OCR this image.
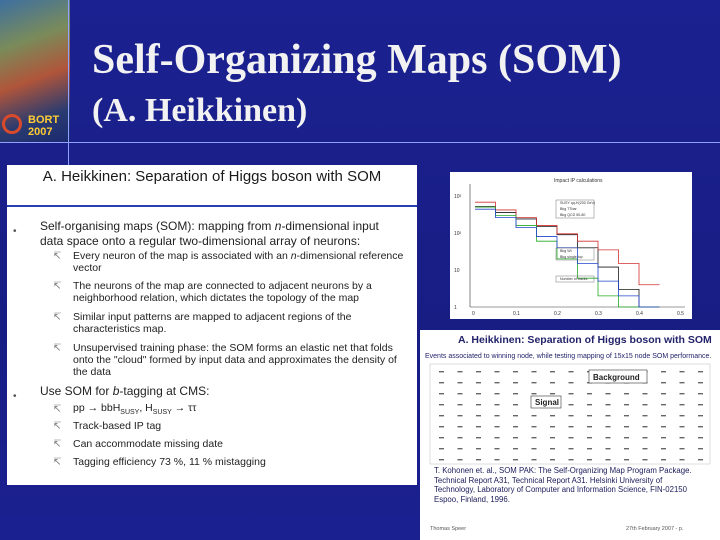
BORT
2007
Self-Organizing Maps (SOM)
(A. Heikkinen)
A. Heikkinen: Separation of Higgs boson with SOM
• Self-organising maps (SOM): mapping from n-dimensional input
data space onto a regular two-dimensional array of neurons:
↸ Every neuron of the map is associated with an n-dimensional reference
vector
↸ The neurons of the map are connected to adjacent neurons by a
neighborhood relation, which dictates the topology of the map
↸ Similar input patterns are mapped to adjacent regions of the
characteristics map.
↸ Unsupervised training phase: the SOM forms an elastic net that folds
onto the "cloud" formed by input data and approximates the density of
the data
• Use SOM for b-tagging at CMS:
↸ pp → bbH$_{SUSY}$, $H_{SUSY} \to \tau\tau$
↸ Track-based IP tag
↸ Can accommodate missing date
↸ Tagging efficiency 73 %, 11 % mistagging
Impact IP calculations
10³
10²
10
1
0	0.1	0.2	0.3	0.4	0.5
SUSY qq-H(200 GeV)
Bkg TTbar
Bkg QCD 50-80
Bkg Wt
Bkg single top
Number of tracks
A. Heikkinen: Separation of Higgs boson with SOM
Events associated to winning node, while testing mapping of 15x15 node SOM performance.
Background
Signal
T. Kohonen et. al., SOM PAK: The Self-Organizing Map Program Package. Technical Report A31, Technical Report A31. Helsinki University of Technology, Laboratory of Computer and Information Science, FIN-02150 Espoo, Finland, 1996.
Thomas Speer	27th February 2007 - p.
